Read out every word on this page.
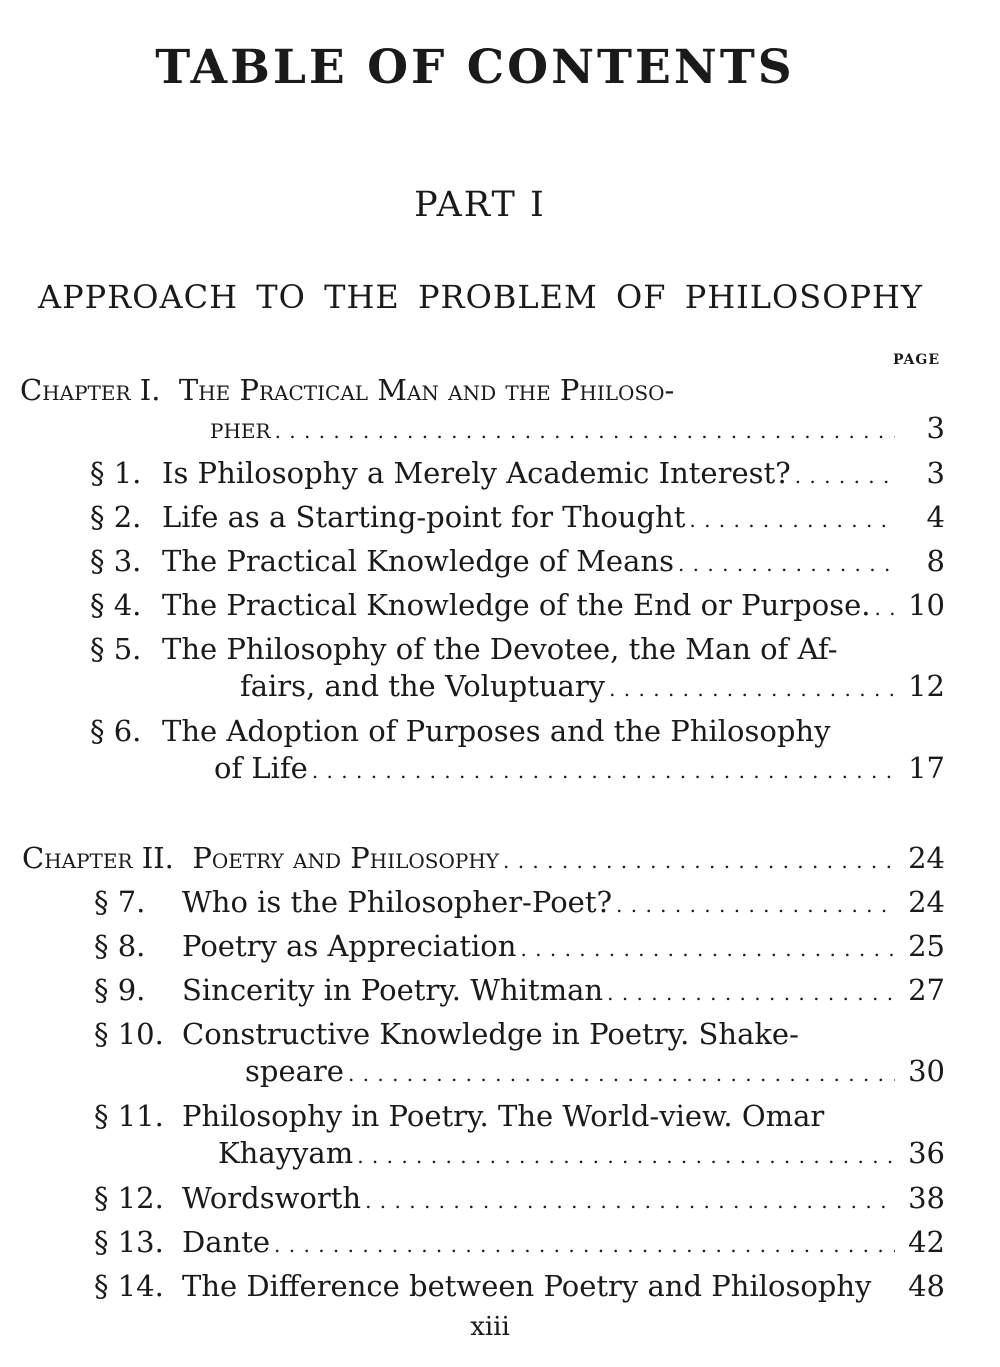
TABLE OF CONTENTS
PART I
APPROACH TO THE PROBLEM OF PHILOSOPHY
PAGE
Chapter I. The Practical Man and the Philoso-
pher . . .	3
§ 1. Is Philosophy a Merely Academic Interest? . . .	3
§ 2. Life as a Starting-point for Thought . . .	4
§ 3. The Practical Knowledge of Means . . .	8
§ 4. The Practical Knowledge of the End or Purpose. . . .	10
§ 5. The Philosophy of the Devotee, the Man of Af-
fairs, and the Voluptuary . . .	12
§ 6. The Adoption of Purposes and the Philosophy
of Life . . .	17
Chapter II.
Poetry and Philosophy . . .	24
§ 7.	Who is the Philosopher-Poet? . . .	24
§ 8.	Poetry as Appreciation . . .	25
§ 9.	Sincerity in Poetry. Whitman . . .	27
§ 10. Constructive Knowledge in Poetry. Shake-
speare . . .	30
§ 11. Philosophy in Poetry. The World-view. Omar
Khayyam . . .	36
§ 12. Wordsworth . . .	38
§ 13. Dante . . .	42
§ 14. The Difference between Poetry and Philosophy	48
xiii
